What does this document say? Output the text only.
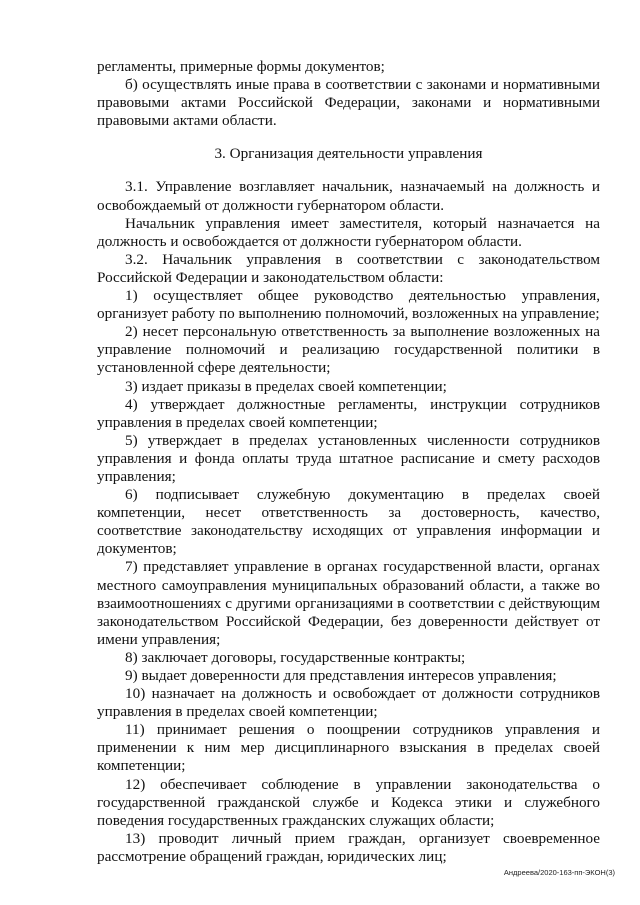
регламенты, примерные формы документов;

б) осуществлять иные права в соответствии с законами и нормативными правовыми актами Российской Федерации, законами и нормативными правовыми актами области.

3. Организация деятельности управления

3.1. Управление возглавляет начальник, назначаемый на должность и освобождаемый от должности губернатором области.

Начальник управления имеет заместителя, который назначается на должность и освобождается от должности губернатором области.

3.2. Начальник управления в соответствии с законодательством Российской Федерации и законодательством области:

1) осуществляет общее руководство деятельностью управления, организует работу по выполнению полномочий, возложенных на управление;

2) несет персональную ответственность за выполнение возложенных на управление полномочий и реализацию государственной политики в установленной сфере деятельности;

3) издает приказы в пределах своей компетенции;

4) утверждает должностные регламенты, инструкции сотрудников управления в пределах своей компетенции;

5) утверждает в пределах установленных численности сотрудников управления и фонда оплаты труда штатное расписание и смету расходов управления;

6) подписывает служебную документацию в пределах своей компетенции, несет ответственность за достоверность, качество, соответствие законодательству исходящих от управления информации и документов;

7) представляет управление в органах государственной власти, органах местного самоуправления муниципальных образований области, а также во взаимоотношениях с другими организациями в соответствии с действующим законодательством Российской Федерации, без доверенности действует от имени управления;

8) заключает договоры, государственные контракты;

9) выдает доверенности для представления интересов управления;

10) назначает на должность и освобождает от должности сотрудников управления в пределах своей компетенции;

11) принимает решения о поощрении сотрудников управления и применении к ним мер дисциплинарного взыскания в пределах своей компетенции;

12) обеспечивает соблюдение в управлении законодательства о государственной гражданской службе и Кодекса этики и служебного поведения государственных гражданских служащих области;

13) проводит личный прием граждан, организует своевременное рассмотрение обращений граждан, юридических лиц;

Андреева/2020-163-пп-ЭКОН(3)
